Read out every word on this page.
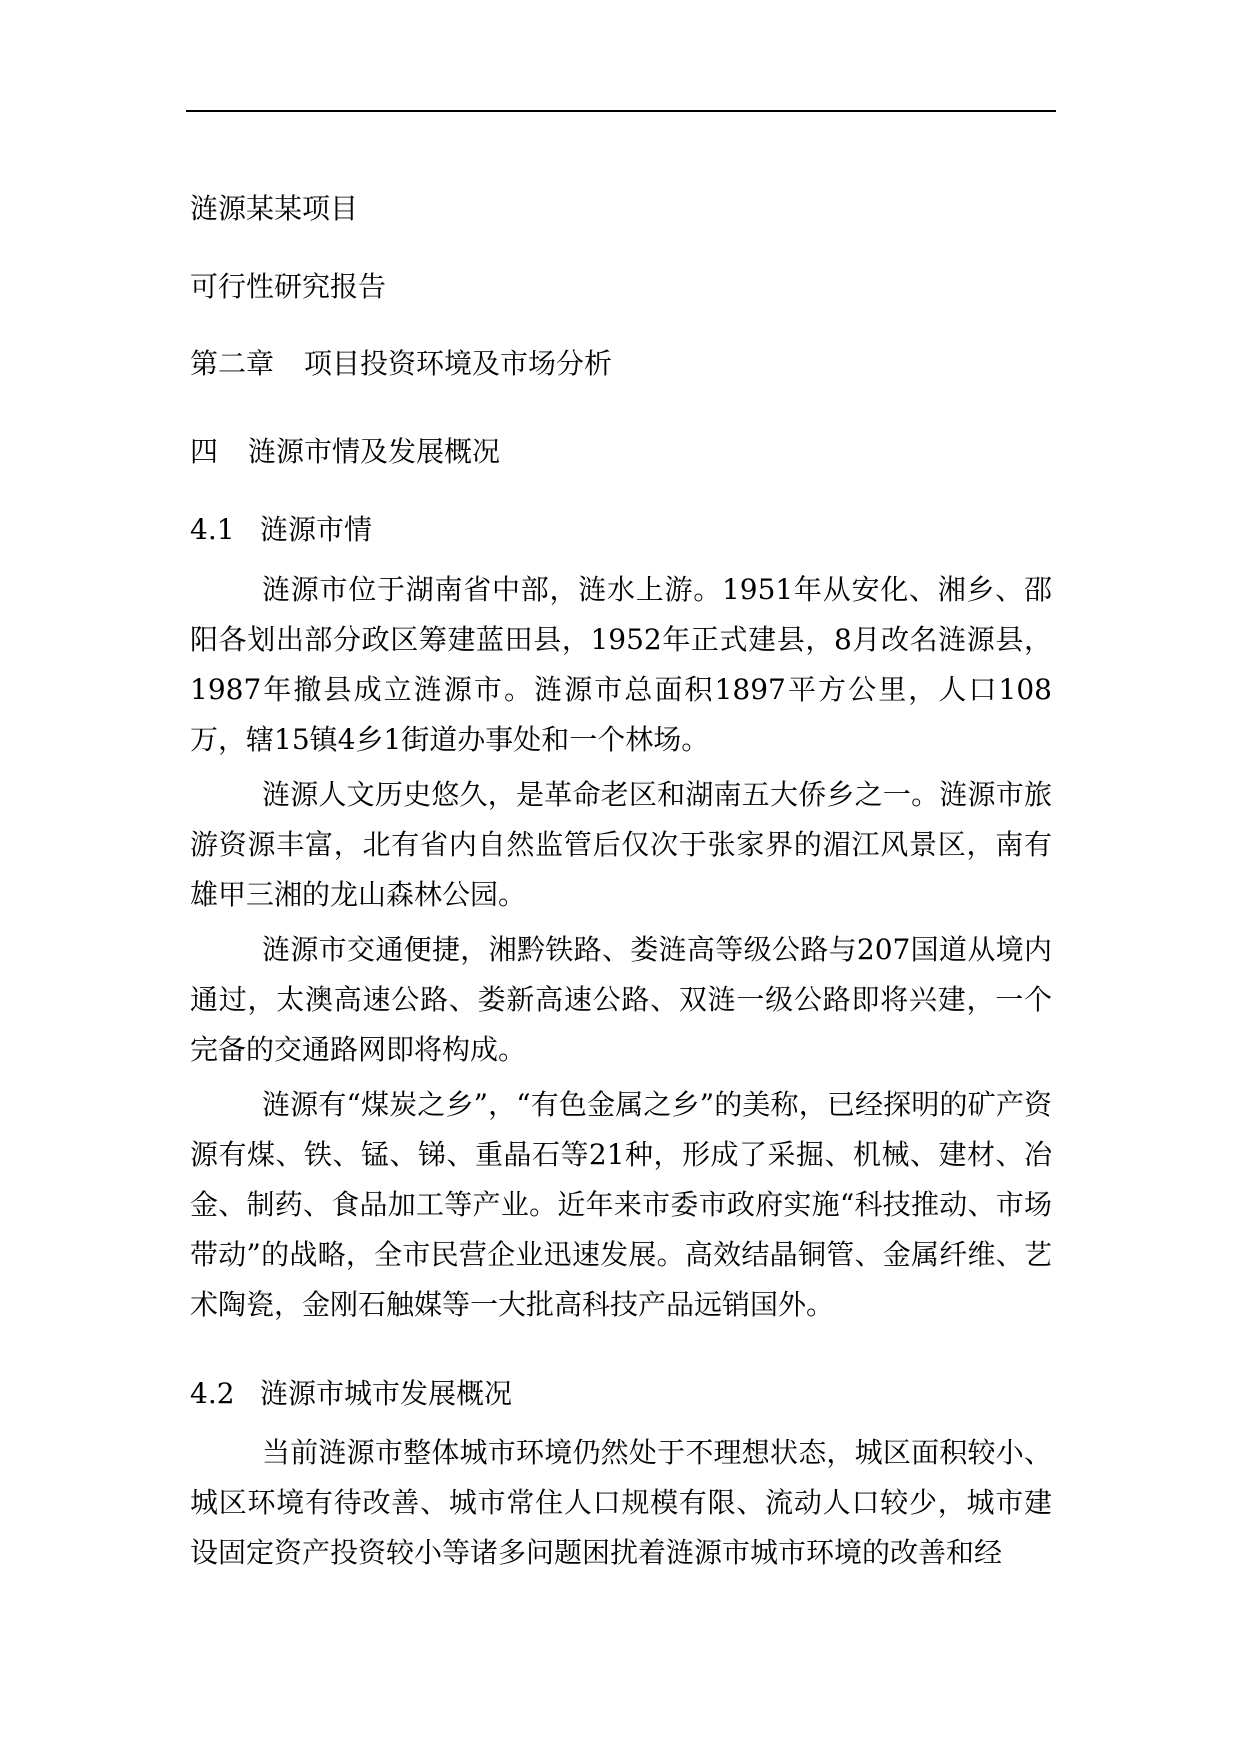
涟源某某项目
可行性研究报告
第二章 项目投资环境及市场分析
四 涟源市情及发展概况
4.1 涟源市情

涟源市位于湖南省中部，涟水上游。1951年从安化、湘乡、邵阳各划出部分政区筹建蓝田县，1952年正式建县，8月改名涟源县，1987年撤县成立涟源市。涟源市总面积1897平方公里，人口108万，辖15镇4乡1街道办事处和一个林场。

涟源人文历史悠久，是革命老区和湖南五大侨乡之一。涟源市旅游资源丰富，北有省内自然监管后仅次于张家界的湄江风景区，南有雄甲三湘的龙山森林公园。

涟源市交通便捷，湘黔铁路、娄涟高等级公路与207国道从境内通过，太澳高速公路、娄新高速公路、双涟一级公路即将兴建，一个完备的交通路网即将构成。

涟源有“煤炭之乡”，“有色金属之乡”的美称，已经探明的矿产资源有煤、铁、锰、锑、重晶石等21种，形成了采掘、机械、建材、冶金、制药、食品加工等产业。近年来市委市政府实施“科技推动、市场带动”的战略，全市民营企业迅速发展。高效结晶铜管、金属纤维、艺术陶瓷，金刚石触媒等一大批高科技产品远销国外。

4.2 涟源市城市发展概况

当前涟源市整体城市环境仍然处于不理想状态，城区面积较小、城区环境有待改善、城市常住人口规模有限、流动人口较少，城市建设固定资产投资较小等诸多问题困扰着涟源市城市环境的改善和经
